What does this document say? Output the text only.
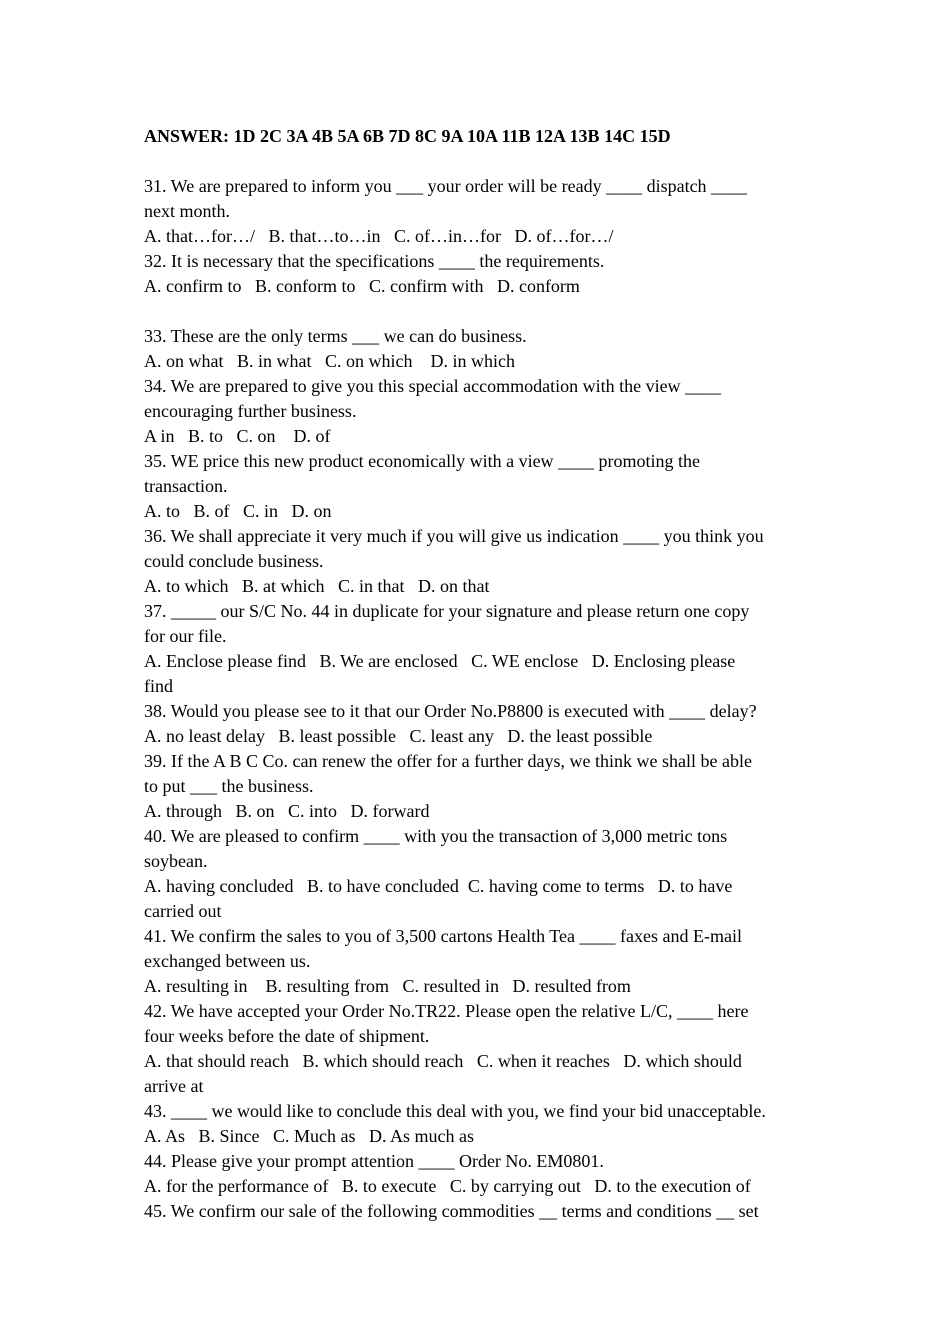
ANSWER: 1D 2C 3A 4B 5A 6B 7D 8C 9A 10A 11B 12A 13B 14C 15D

31. We are prepared to inform you ___ your order will be ready ____ dispatch ____

next month.

A. that…for…/   B. that…to…in   C. of…in…for   D. of…for…/

32. It is necessary that the specifications ____ the requirements.

A. confirm to   B. conform to   C. confirm with   D. conform

33. These are the only terms ___ we can do business.

A. on what   B. in what   C. on which    D. in which

34. We are prepared to give you this special accommodation with the view ____

encouraging further business.

A in   B. to   C. on    D. of

35. WE price this new product economically with a view ____ promoting the

transaction.

A. to   B. of   C. in   D. on

36. We shall appreciate it very much if you will give us indication ____ you think you

could conclude business.

A. to which   B. at which   C. in that   D. on that

37. _____ our S/C No. 44 in duplicate for your signature and please return one copy

for our file.

A. Enclose please find   B. We are enclosed   C. WE enclose   D. Enclosing please

find

38. Would you please see to it that our Order No.P8800 is executed with ____ delay?

A. no least delay   B. least possible   C. least any   D. the least possible

39. If the A B C Co. can renew the offer for a further days, we think we shall be able

to put ___ the business.

A. through   B. on   C. into   D. forward

40. We are pleased to confirm ____ with you the transaction of 3,000 metric tons

soybean.

A. having concluded   B. to have concluded  C. having come to terms   D. to have

carried out

41. We confirm the sales to you of 3,500 cartons Health Tea ____ faxes and E-mail

exchanged between us.

A. resulting in    B. resulting from   C. resulted in   D. resulted from

42. We have accepted your Order No.TR22. Please open the relative L/C, ____ here

four weeks before the date of shipment.

A. that should reach   B. which should reach   C. when it reaches   D. which should

arrive at

43. ____ we would like to conclude this deal with you, we find your bid unacceptable.

A. As   B. Since   C. Much as   D. As much as

44. Please give your prompt attention ____ Order No. EM0801.

A. for the performance of   B. to execute   C. by carrying out   D. to the execution of

45. We confirm our sale of the following commodities __ terms and conditions __ set
